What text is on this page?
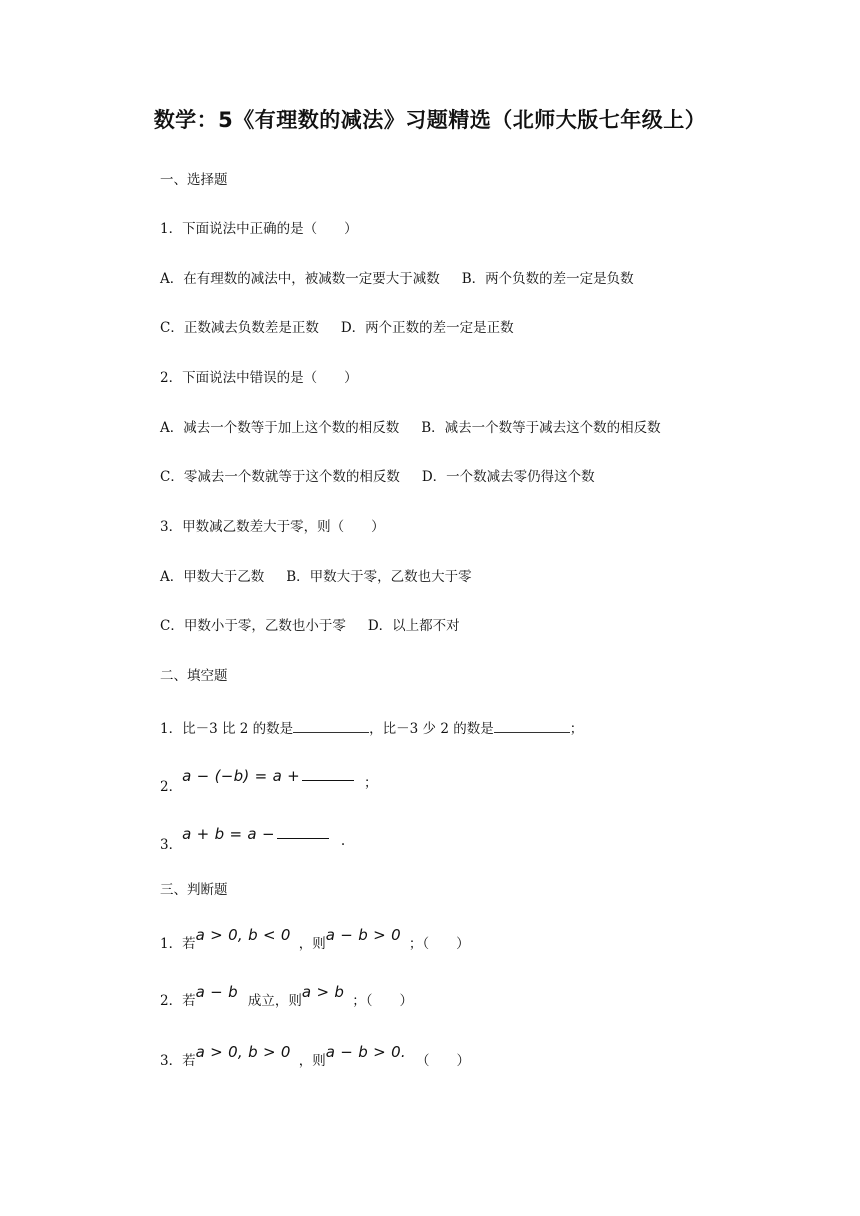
数学：5《有理数的减法》习题精选（北师大版七年级上）
一、选择题
1．下面说法中正确的是（　　）
A．在有理数的减法中，被减数一定要大于减数 B．两个负数的差一定是负数
C．正数减去负数差是正数 D．两个正数的差一定是正数
2．下面说法中错误的是（　　）
A．减去一个数等于加上这个数的相反数 B．减去一个数等于减去这个数的相反数
C．零减去一个数就等于这个数的相反数 D．一个数减去零仍得这个数
3．甲数减乙数差大于零，则（　　）
A．甲数大于乙数 B．甲数大于零，乙数也大于零
C．甲数小于零，乙数也小于零 D．以上都不对
二、填空题
1．比－3 比 2 的数是	，比－3 少 2 的数是	；
2．a − (−b) = a +	；
3．a + b = a −	.
三、判断题
1．若a > 0, b < 0 ，则a − b > 0 ；（　　）
2．若a − b 成立，则a > b ；（　　）
3．若a > 0, b > 0 ，则a − b > 0. （　　）
